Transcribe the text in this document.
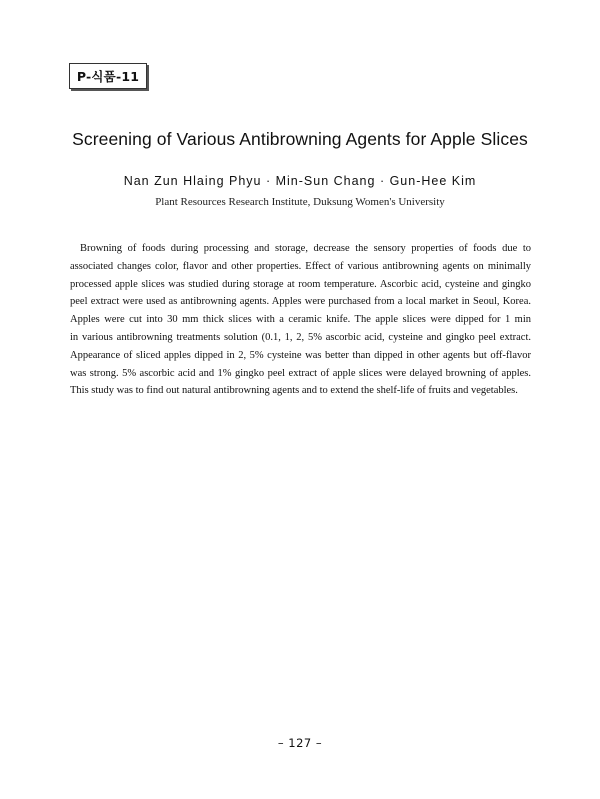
P-식품-11
Screening of Various Antibrowning Agents for Apple Slices
Nan Zun Hlaing Phyu · Min-Sun Chang · Gun-Hee Kim
Plant Resources Research Institute, Duksung Women's University
Browning of foods during processing and storage, decrease the sensory properties of foods due to
associated changes color, flavor and other properties. Effect of various antibrowning agents on minimally
processed apple slices was studied during storage at room temperature. Ascorbic acid, cysteine and gingko
peel extract were used as antibrowning agents. Apples were purchased from a local market in Seoul, Korea.
Apples were cut into 30 mm thick slices with a ceramic knife. The apple slices were dipped for 1 min
in various antibrowning treatments solution (0.1, 1, 2, 5% ascorbic acid, cysteine and gingko peel extract.
Appearance of sliced apples dipped in 2, 5% cysteine was better than dipped in other agents but off-flavor
was strong. 5% ascorbic acid and 1% gingko peel extract of apple slices were delayed browning of apples.
This study was to find out natural antibrowning agents and to extend the shelf-life of fruits and vegetables.
– 127 –
